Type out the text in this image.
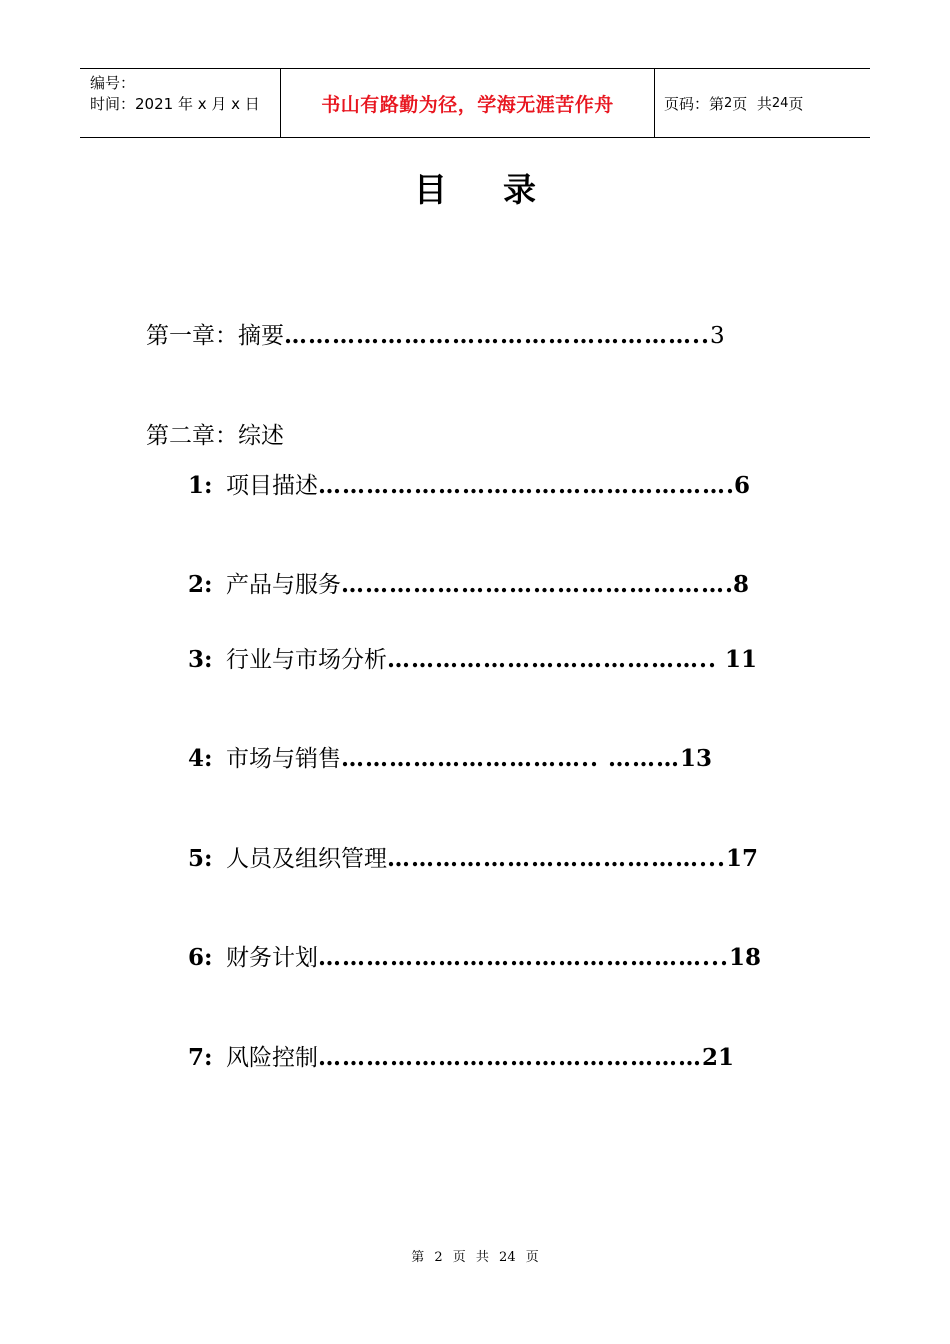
编号：
时间：2021 年 x 月 x 日	书山有路勤为径，学海无涯苦作舟	页码：第 2 页  共 24 页
目录
第一章：摘要……………………………………………..3
第二章：综述
1: 项目描述…………………………………………….6
2: 产品与服务………………………………………….8
3: 行业与市场分析………………………………….. 11
4: 市场与销售………………………….. ………13
5: 人员及组织管理…………………………………...17
6: 财务计划…………………………………………...18
7: 风险控制…………………………………………21
第 2 页 共 24 页
